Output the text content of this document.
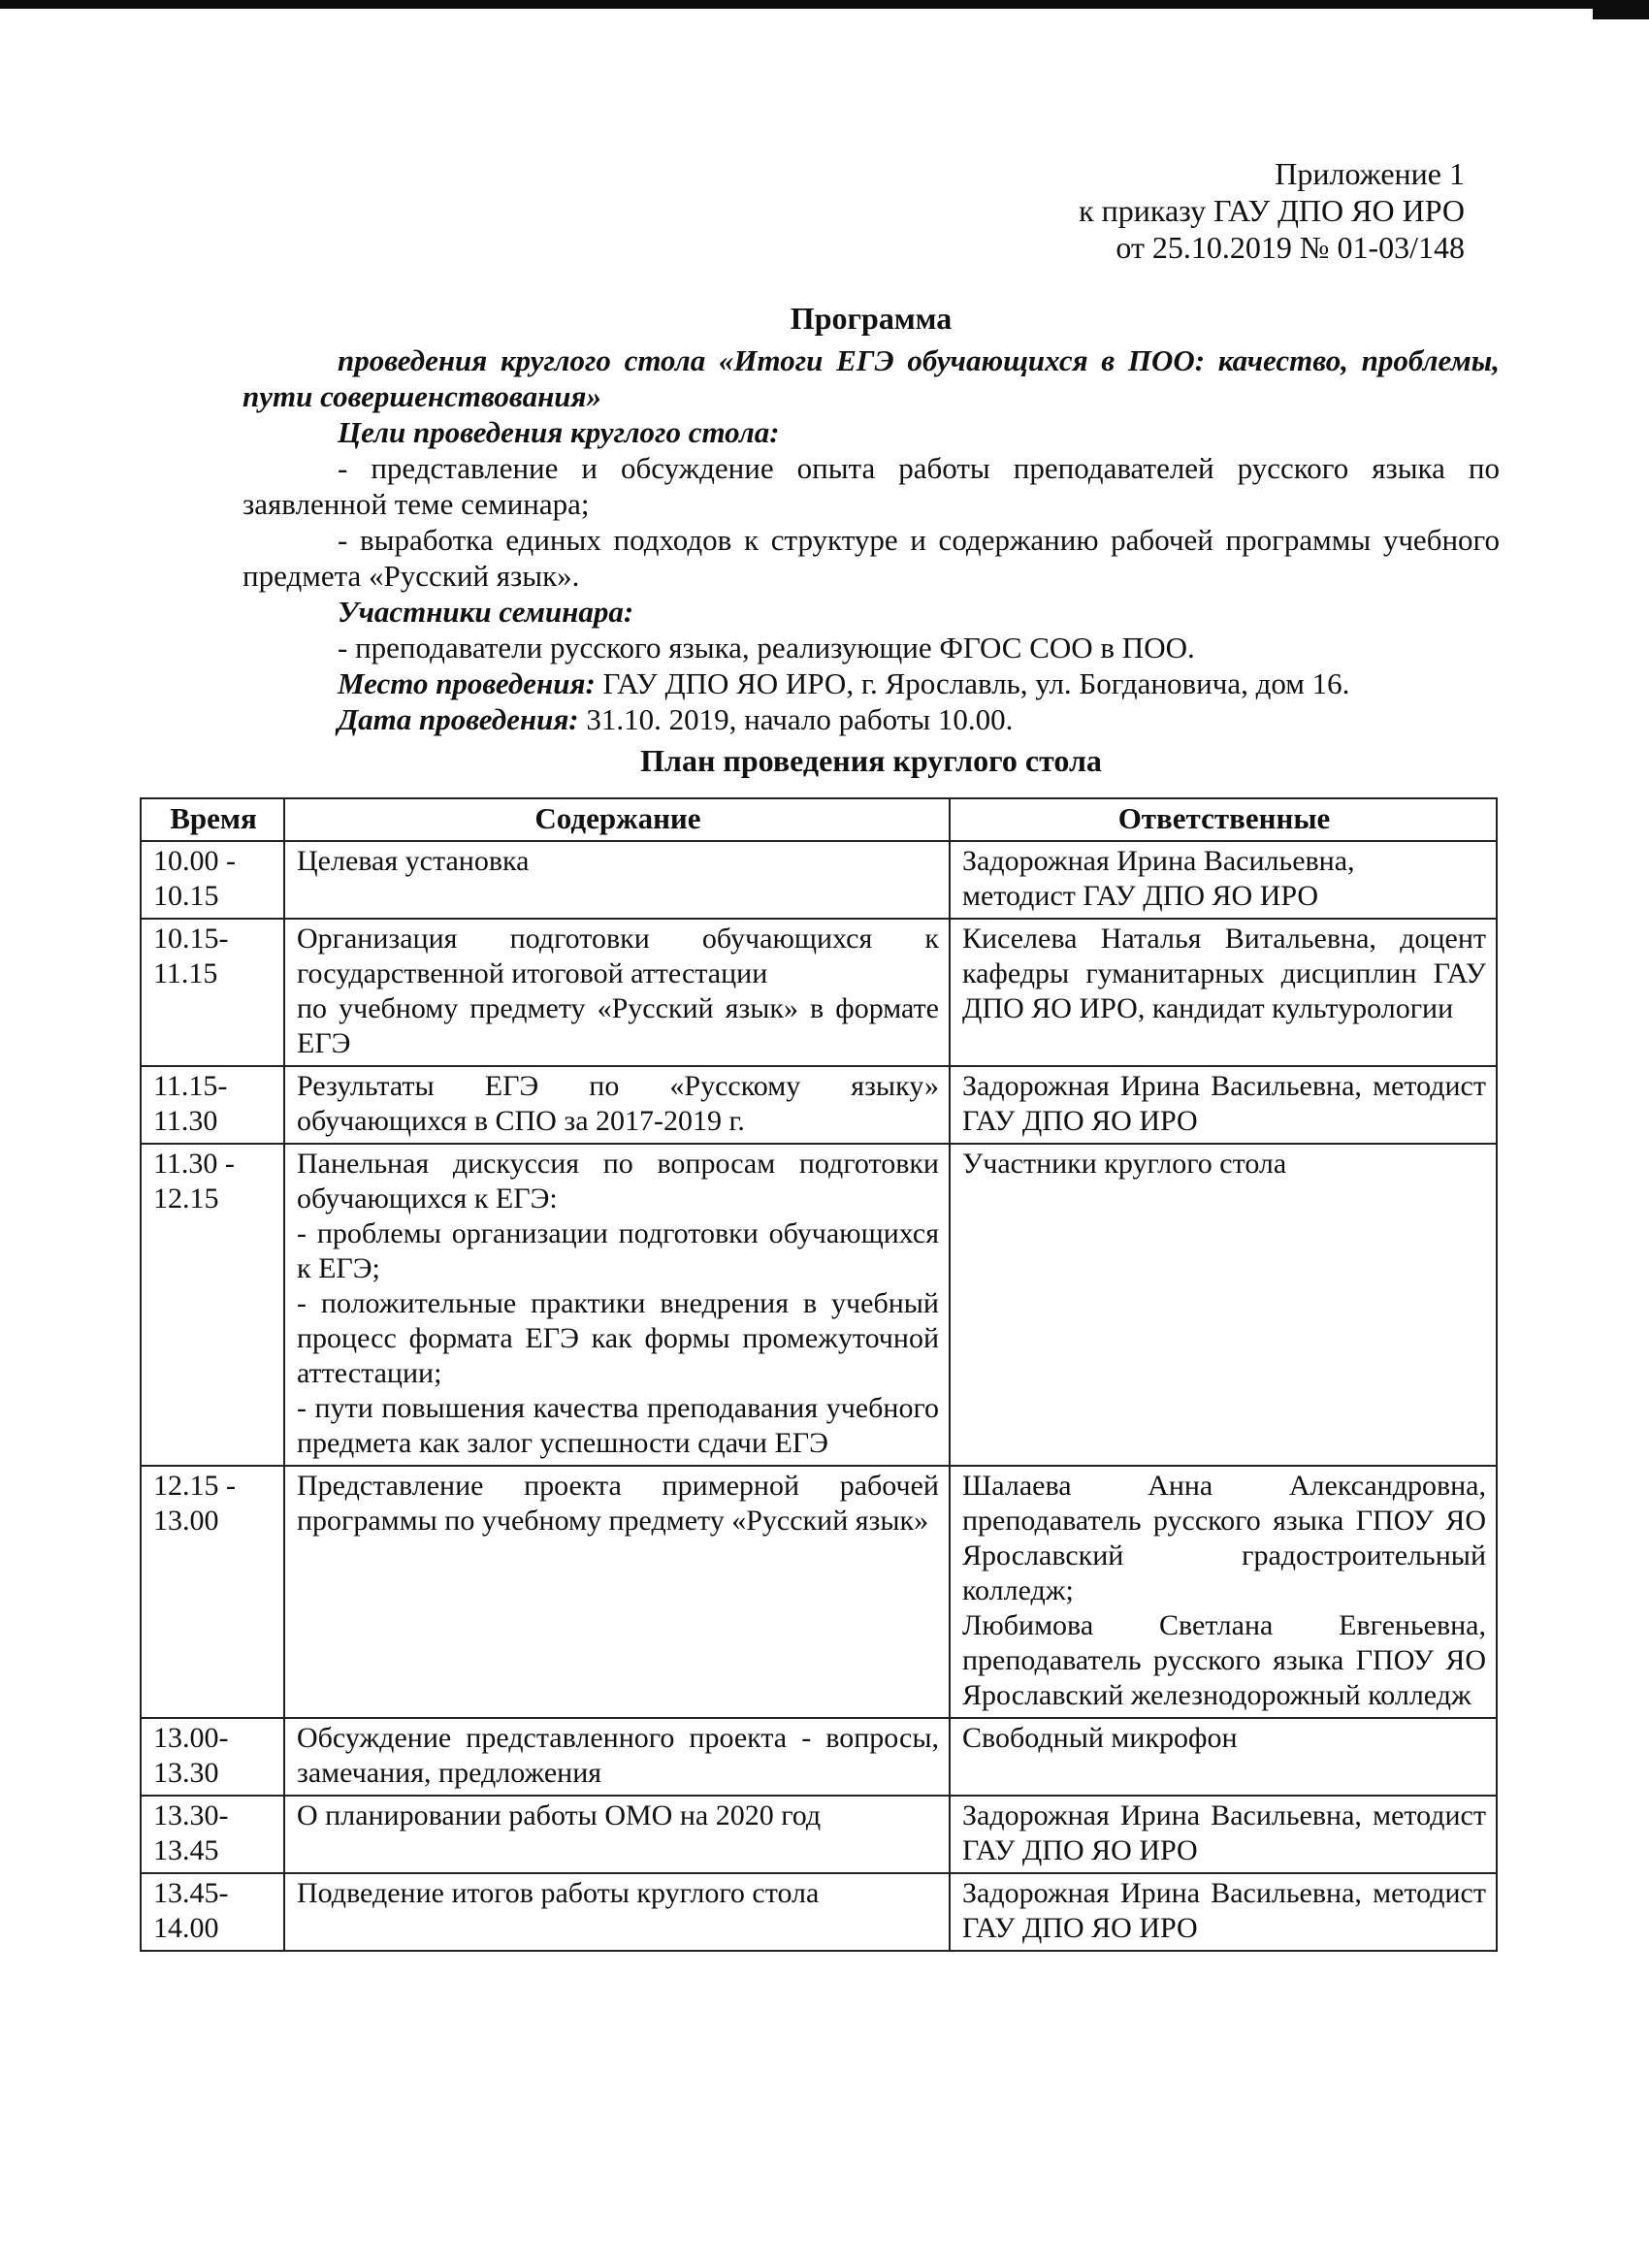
Приложение 1
к приказу ГАУ ДПО ЯО ИРО
от 25.10.2019 № 01-03/148

Программа

проведения круглого стола «Итоги ЕГЭ обучающихся в ПОО: качество, проблемы, пути совершенствования»

Цели проведения круглого стола:

- представление и обсуждение опыта работы преподавателей русского языка по заявленной теме семинара;

- выработка единых подходов к структуре и содержанию рабочей программы учебного предмета «Русский язык».

Участники семинара:

- преподаватели русского языка, реализующие ФГОС СОО в ПОО.

Место проведения: ГАУ ДПО ЯО ИРО, г. Ярославль, ул. Богдановича, дом 16.

Дата проведения: 31.10. 2019, начало работы 10.00.

План проведения круглого стола

Время	Содержание	Ответственные
10.00 -
10.15	Целевая установка	Задорожная Ирина Васильевна,
методист ГАУ ДПО ЯО ИРО
10.15-
11.15	Организация подготовки обучающихся к государственной итоговой аттестации
по учебному предмету «Русский язык» в формате ЕГЭ	Киселева Наталья Витальевна, доцент кафедры гуманитарных дисциплин ГАУ ДПО ЯО ИРО, кандидат культурологии
11.15-
11.30	Результаты ЕГЭ по «Русскому языку» обучающихся в СПО за 2017-2019 г.	Задорожная Ирина Васильевна, методист ГАУ ДПО ЯО ИРО
11.30 -
12.15	Панельная дискуссия по вопросам подготовки обучающихся к ЕГЭ:
- проблемы организации подготовки обучающихся к ЕГЭ;
- положительные практики внедрения в учебный процесс формата ЕГЭ как формы промежуточной аттестации;
- пути повышения качества преподавания учебного предмета как залог успешности сдачи ЕГЭ	Участники круглого стола
12.15 -
13.00	Представление проекта примерной рабочей программы по учебному предмету «Русский язык»	Шалаева Анна Александровна, преподаватель русского языка ГПОУ ЯО Ярославский градостроительный колледж;
Любимова Светлана Евгеньевна, преподаватель русского языка ГПОУ ЯО Ярославский железнодорожный колледж
13.00-
13.30	Обсуждение представленного проекта - вопросы, замечания, предложения	Свободный микрофон
13.30-
13.45	О планировании работы ОМО на 2020 год	Задорожная Ирина Васильевна, методист ГАУ ДПО ЯО ИРО
13.45-
14.00	Подведение итогов работы круглого стола	Задорожная Ирина Васильевна, методист ГАУ ДПО ЯО ИРО
